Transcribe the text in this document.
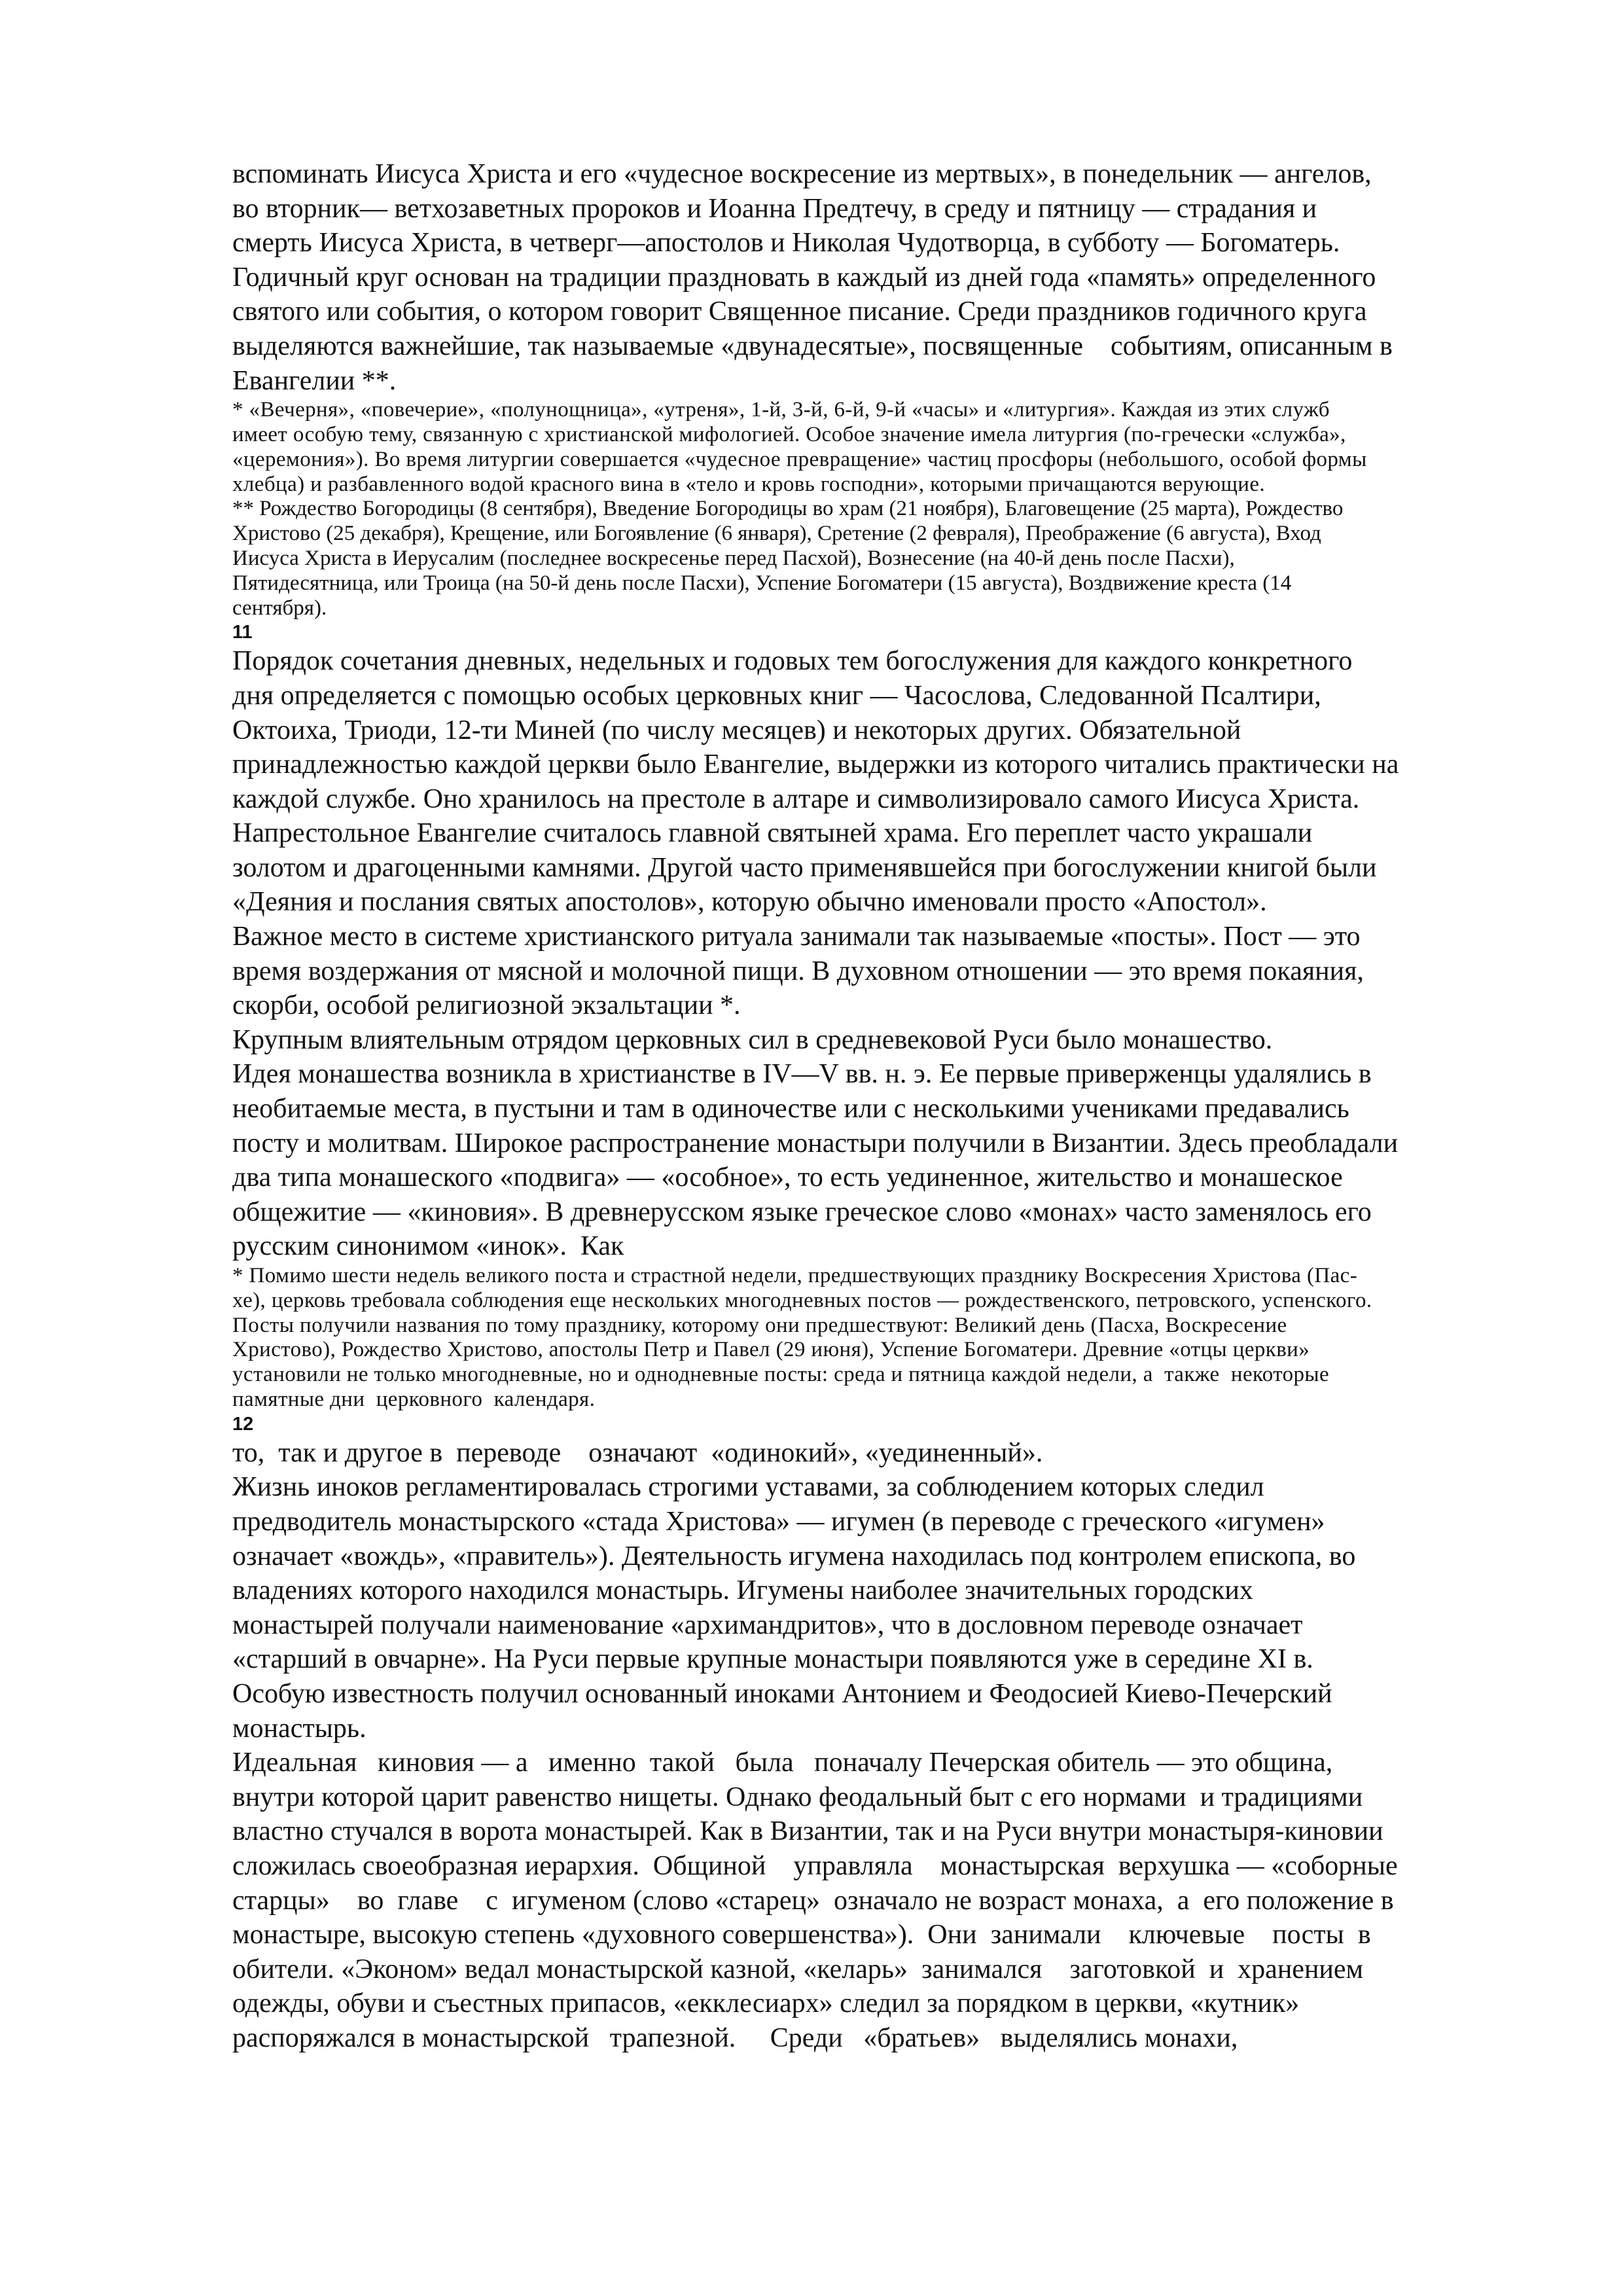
вспоминать Иисуса Христа и его «чудесное воскресение из мертвых», в понедельник — ангелов,
во вторник— ветхозаветных пророков и Иоанна Предтечу, в среду и пятницу — страдания и
смерть Иисуса Христа, в четверг—апостолов и Николая Чудотворца, в субботу — Богоматерь.
Годичный круг основан на традиции праздновать в каждый из дней года «память» определенного
святого или события, о котором говорит Священное писание. Среди праздников годичного круга
выделяются важнейшие, так называемые «двунадесятые», посвященные    событиям, описанным в
Евангелии **.

* «Вечерня», «повечерие», «полунощница», «утреня», 1-й, 3-й, 6-й, 9-й «часы» и «литургия». Каждая из этих служб
имеет особую тему, связанную с христианской мифологией. Особое значение имела литургия (по-гречески «служба»,
«церемония»). Во время литургии совершается «чудесное превращение» частиц просфоры (небольшого, особой формы
хлебца) и разбавленного водой красного вина в «тело и кровь господни», которыми причащаются верующие.

** Рождество Богородицы (8 сентября), Введение Богородицы во храм (21 ноября), Благовещение (25 марта), Рождество
Христово (25 декабря), Крещение, или Богоявление (6 января), Сретение (2 февраля), Преображение (6 августа), Вход
Иисуса Христа в Иерусалим (последнее воскресенье перед Пасхой), Вознесение (на 40-й день после Пасхи),
Пятидесятница, или Троица (на 50-й день после Пасхи), Успение Богоматери (15 августа), Воздвижение креста (14
сентября).

11

Порядок сочетания дневных, недельных и годовых тем богослужения для каждого конкретного
дня определяется с помощью особых церковных книг — Часослова, Следованной Псалтири,
Октоиха, Триоди, 12-ти Миней (по числу месяцев) и некоторых других. Обязательной
принадлежностью каждой церкви было Евангелие, выдержки из которого читались практически на
каждой службе. Оно хранилось на престоле в алтаре и символизировало самого Иисуса Христа.
Напрестольное Евангелие считалось главной святыней храма. Его переплет часто украшали
золотом и драгоценными камнями. Другой часто применявшейся при богослужении книгой были
«Деяния и послания святых апостолов», которую обычно именовали просто «Апостол».
Важное место в системе христианского ритуала занимали так называемые «посты». Пост — это
время воздержания от мясной и молочной пищи. В духовном отношении — это время покаяния,
скорби, особой религиозной экзальтации *.
Крупным влиятельным отрядом церковных сил в средневековой Руси было монашество.
Идея монашества возникла в христианстве в IV—V вв. н. э. Ее первые приверженцы удалялись в
необитаемые места, в пустыни и там в одиночестве или с несколькими учениками предавались
посту и молитвам. Широкое распространение монастыри получили в Византии. Здесь преобладали
два типа монашеского «подвига» — «особное», то есть уединенное, жительство и монашеское
общежитие — «киновия». В древнерусском языке греческое слово «монах» часто заменялось его
русским синонимом «инок».  Как

* Помимо шести недель великого поста и страстной недели, предшествующих празднику Воскресения Христова (Пас-
хе), церковь требовала соблюдения еще нескольких многодневных постов — рождественского, петровского, успенского.
Посты получили названия по тому празднику, которому они предшествуют: Великий день (Пасха, Воскресение
Христово), Рождество Христово, апостолы Петр и Павел (29 июня), Успение Богоматери. Древние «отцы церкви»
установили не только многодневные, но и однодневные посты: среда и пятница каждой недели, а  также  некоторые
памятные дни  церковного  календаря.

12

то,  так и другое в  переводе    означают  «одинокий», «уединенный».
Жизнь иноков регламентировалась строгими уставами, за соблюдением которых следил
предводитель монастырского «стада Христова» — игумен (в переводе с греческого «игумен»
означает «вождь», «правитель»). Деятельность игумена находилась под контролем епископа, во
владениях которого находился монастырь. Игумены наиболее значительных городских
монастырей получали наименование «архимандритов», что в дословном переводе означает
«старший в овчарне». На Руси первые крупные монастыри появляются уже в середине XI в.
Особую известность получил основанный иноками Антонием и Феодосией Киево-Печерский
монастырь.
Идеальная   киновия — а   именно  такой   была   поначалу Печерская обитель — это община,
внутри которой царит равенство нищеты. Однако феодальный быт с его нормами  и традициями
властно стучался в ворота монастырей. Как в Византии, так и на Руси внутри монастыря-киновии
сложилась своеобразная иерархия.  Общиной    управляла    монастырская  верхушка — «соборные
старцы»    во  главе    с  игуменом (слово «старец»  означало не возраст монаха,  а  его положение в
монастыре, высокую степень «духовного совершенства»).  Они  занимали    ключевые    посты  в
обители. «Эконом» ведал монастырской казной, «келарь»  занимался    заготовкой  и  хранением
одежды, обуви и съестных припасов, «екклесиарх» следил за порядком в церкви, «кутник»
распоряжался в монастырской   трапезной.     Среди   «братьев»   выделялись монахи,
